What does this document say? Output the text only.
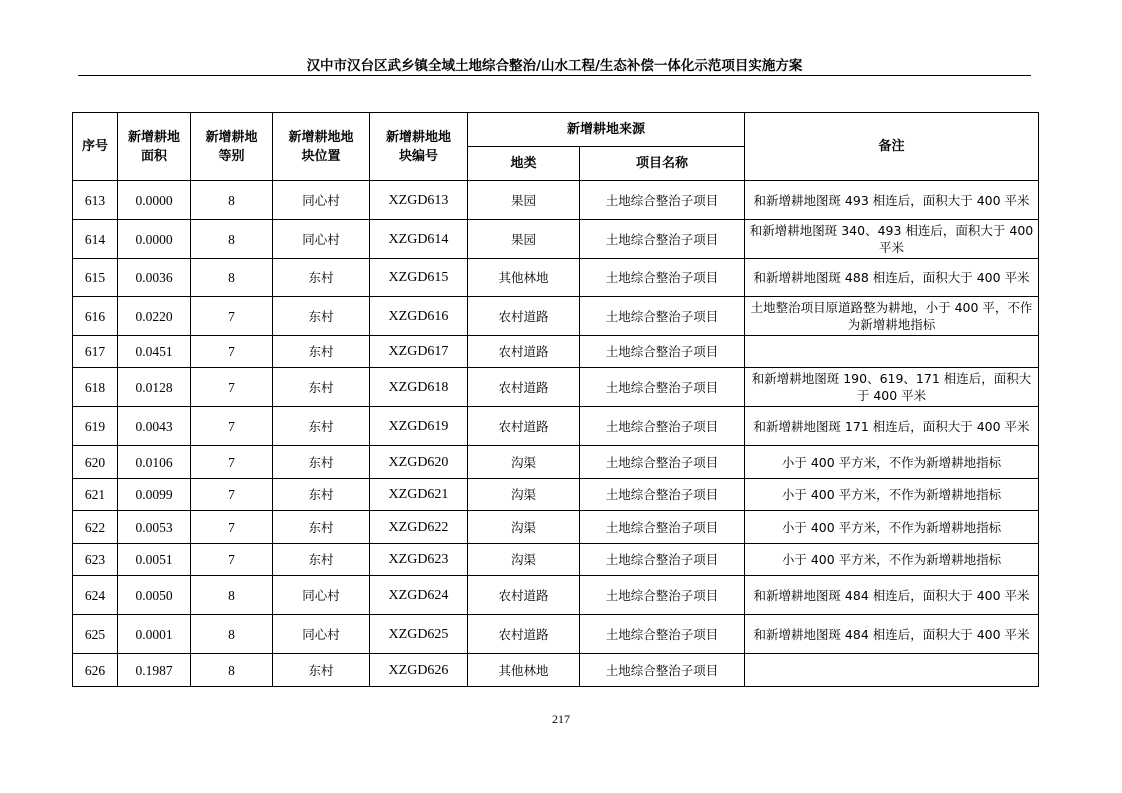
汉中市汉台区武乡镇全域土地综合整治/山水工程/生态补偿一体化示范项目实施方案
序号	新增耕地面积	新增耕地等别	新增耕地地块位置	新增耕地地块编号	新增耕地来源		备注
					地类	项目名称	
613	0.0000	8	同心村	XZGD613	果园	土地综合整治子项目	和新增耕地图斑 493 相连后，面积大于 400 平米
614	0.0000	8	同心村	XZGD614	果园	土地综合整治子项目	和新增耕地图斑 340、493 相连后，面积大于 400 平米
615	0.0036	8	东村	XZGD615	其他林地	土地综合整治子项目	和新增耕地图斑 488 相连后，面积大于 400 平米
616	0.0220	7	东村	XZGD616	农村道路	土地综合整治子项目	土地整治项目原道路整为耕地，小于 400 平，不作为新增耕地指标
617	0.0451	7	东村	XZGD617	农村道路	土地综合整治子项目	
618	0.0128	7	东村	XZGD618	农村道路	土地综合整治子项目	和新增耕地图斑 190、619、171 相连后，面积大于 400 平米
619	0.0043	7	东村	XZGD619	农村道路	土地综合整治子项目	和新增耕地图斑 171 相连后，面积大于 400 平米
620	0.0106	7	东村	XZGD620	沟渠	土地综合整治子项目	小于 400 平方米，不作为新增耕地指标
621	0.0099	7	东村	XZGD621	沟渠	土地综合整治子项目	小于 400 平方米，不作为新增耕地指标
622	0.0053	7	东村	XZGD622	沟渠	土地综合整治子项目	小于 400 平方米，不作为新增耕地指标
623	0.0051	7	东村	XZGD623	沟渠	土地综合整治子项目	小于 400 平方米，不作为新增耕地指标
624	0.0050	8	同心村	XZGD624	农村道路	土地综合整治子项目	和新增耕地图斑 484 相连后，面积大于 400 平米
625	0.0001	8	同心村	XZGD625	农村道路	土地综合整治子项目	和新增耕地图斑 484 相连后，面积大于 400 平米
626	0.1987	8	东村	XZGD626	其他林地	土地综合整治子项目	
217
